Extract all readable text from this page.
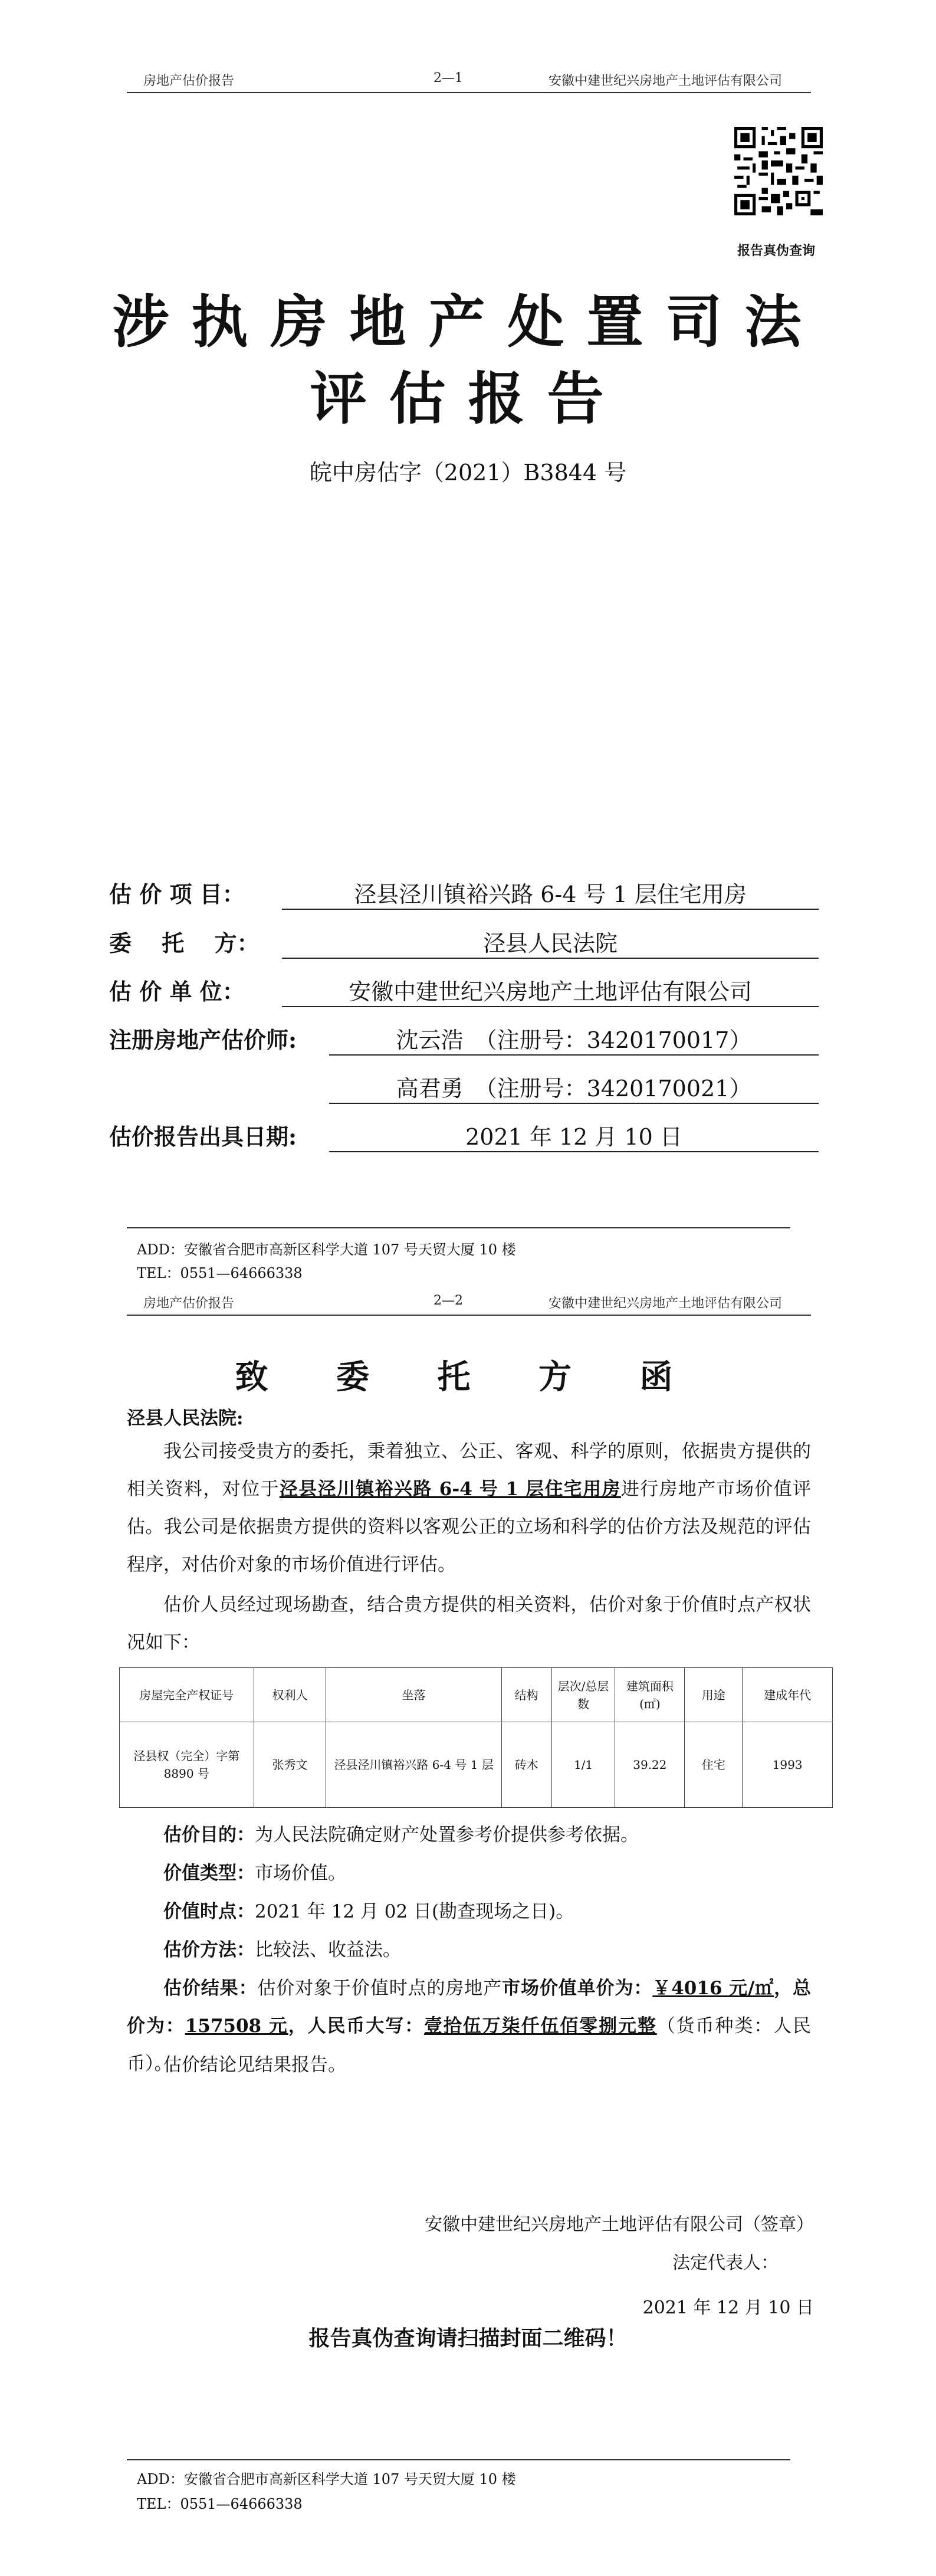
房地产估价报告	2—1	安徽中建世纪兴房地产土地评估有限公司
报告真伪查询
涉执房地产处置司法
评估报告
皖中房估字（2021）B3844 号
估 价 项 目：	泾县泾川镇裕兴路 6-4 号 1 层住宅用房
委　 托　 方：	泾县人民法院
估 价 单 位：	安徽中建世纪兴房地产土地评估有限公司
注册房地产估价师:	沈云浩　（注册号：3420170017）
高君勇　（注册号：3420170021）
估价报告出具日期:	2021 年 12 月 10 日
ADD：安徽省合肥市高新区科学大道 107 号天贸大厦 10 楼
TEL：0551—64666338
房地产估价报告	2—2	安徽中建世纪兴房地产土地评估有限公司
致 委 托 方 函
泾县人民法院:
我公司接受贵方的委托，秉着独立、公正、客观、科学的原则，依据贵方提供的相关资料，对位于泾县泾川镇裕兴路 6-4 号 1 层住宅用房进行房地产市场价值评估。我公司是依据贵方提供的资料以客观公正的立场和科学的估价方法及规范的评估程序，对估价对象的市场价值进行评估。
估价人员经过现场勘查，结合贵方提供的相关资料，估价对象于价值时点产权状况如下：
房屋完全产权证号	权利人	坐落	结构	层次/总层数	建筑面积(㎡)	用途	建成年代
泾县权（完全）字第 8890 号	张秀文	泾县泾川镇裕兴路 6-4 号 1 层	砖木	1/1	39.22	住宅	1993
估价目的：为人民法院确定财产处置参考价提供参考依据。
价值类型：市场价值。
价值时点：2021 年 12 月 02 日(勘查现场之日)。
估价方法：比较法、收益法。
估价结果：估价对象于价值时点的房地产市场价值单价为：￥4016 元/㎡，总价为：157508 元，人民币大写：壹拾伍万柒仟伍佰零捌元整（货币种类：人民币）。
估价结论见结果报告。
安徽中建世纪兴房地产土地评估有限公司（签章）
法定代表人：
2021 年 12 月 10 日
报告真伪查询请扫描封面二维码！
ADD：安徽省合肥市高新区科学大道 107 号天贸大厦 10 楼
TEL：0551—64666338
